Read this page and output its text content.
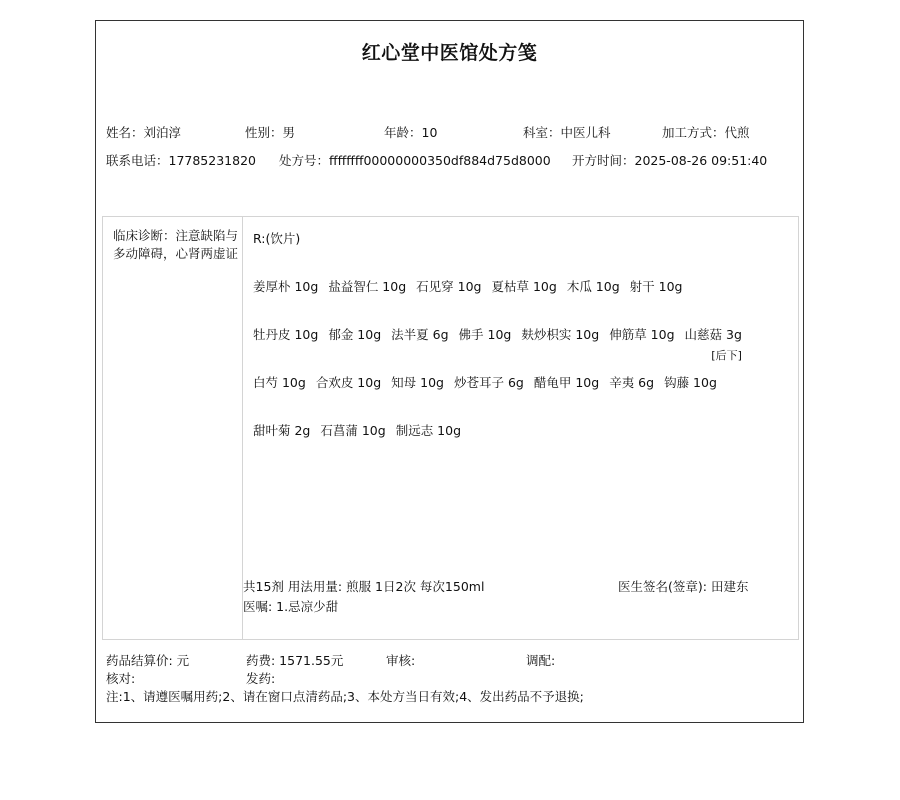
红心堂中医馆处方笺
姓名：刘泊淳	性别：男	年龄：10	科室：中医儿科	加工方式：代煎
联系电话：17785231820 处方号：ffffffff00000000350df884d75d8000 开方时间：2025-08-26 09:51:40
临床诊断：注意缺陷与多动障碍，心肾两虚证
R:(饮片)
姜厚朴 10g 盐益智仁 10g 石见穿 10g 夏枯草 10g 木瓜 10g 射干 10g
牡丹皮 10g 郁金 10g 法半夏 6g 佛手 10g 麸炒枳实 10g 伸筋草 10g 山慈菇 3g
[后下]
白芍 10g 合欢皮 10g 知母 10g 炒苍耳子 6g 醋龟甲 10g 辛夷 6g 钩藤 10g
甜叶菊 2g 石菖蒲 10g 制远志 10g
共15剂 用法用量: 煎服 1日2次 每次150ml	医生签名(签章): 田建东
医嘱: 1.忌凉少甜
药品结算价: 元	药费: 1571.55元	审核:	调配:
核对:	发药:
注:1、请遵医嘱用药;2、请在窗口点清药品;3、本处方当日有效;4、发出药品不予退换;
